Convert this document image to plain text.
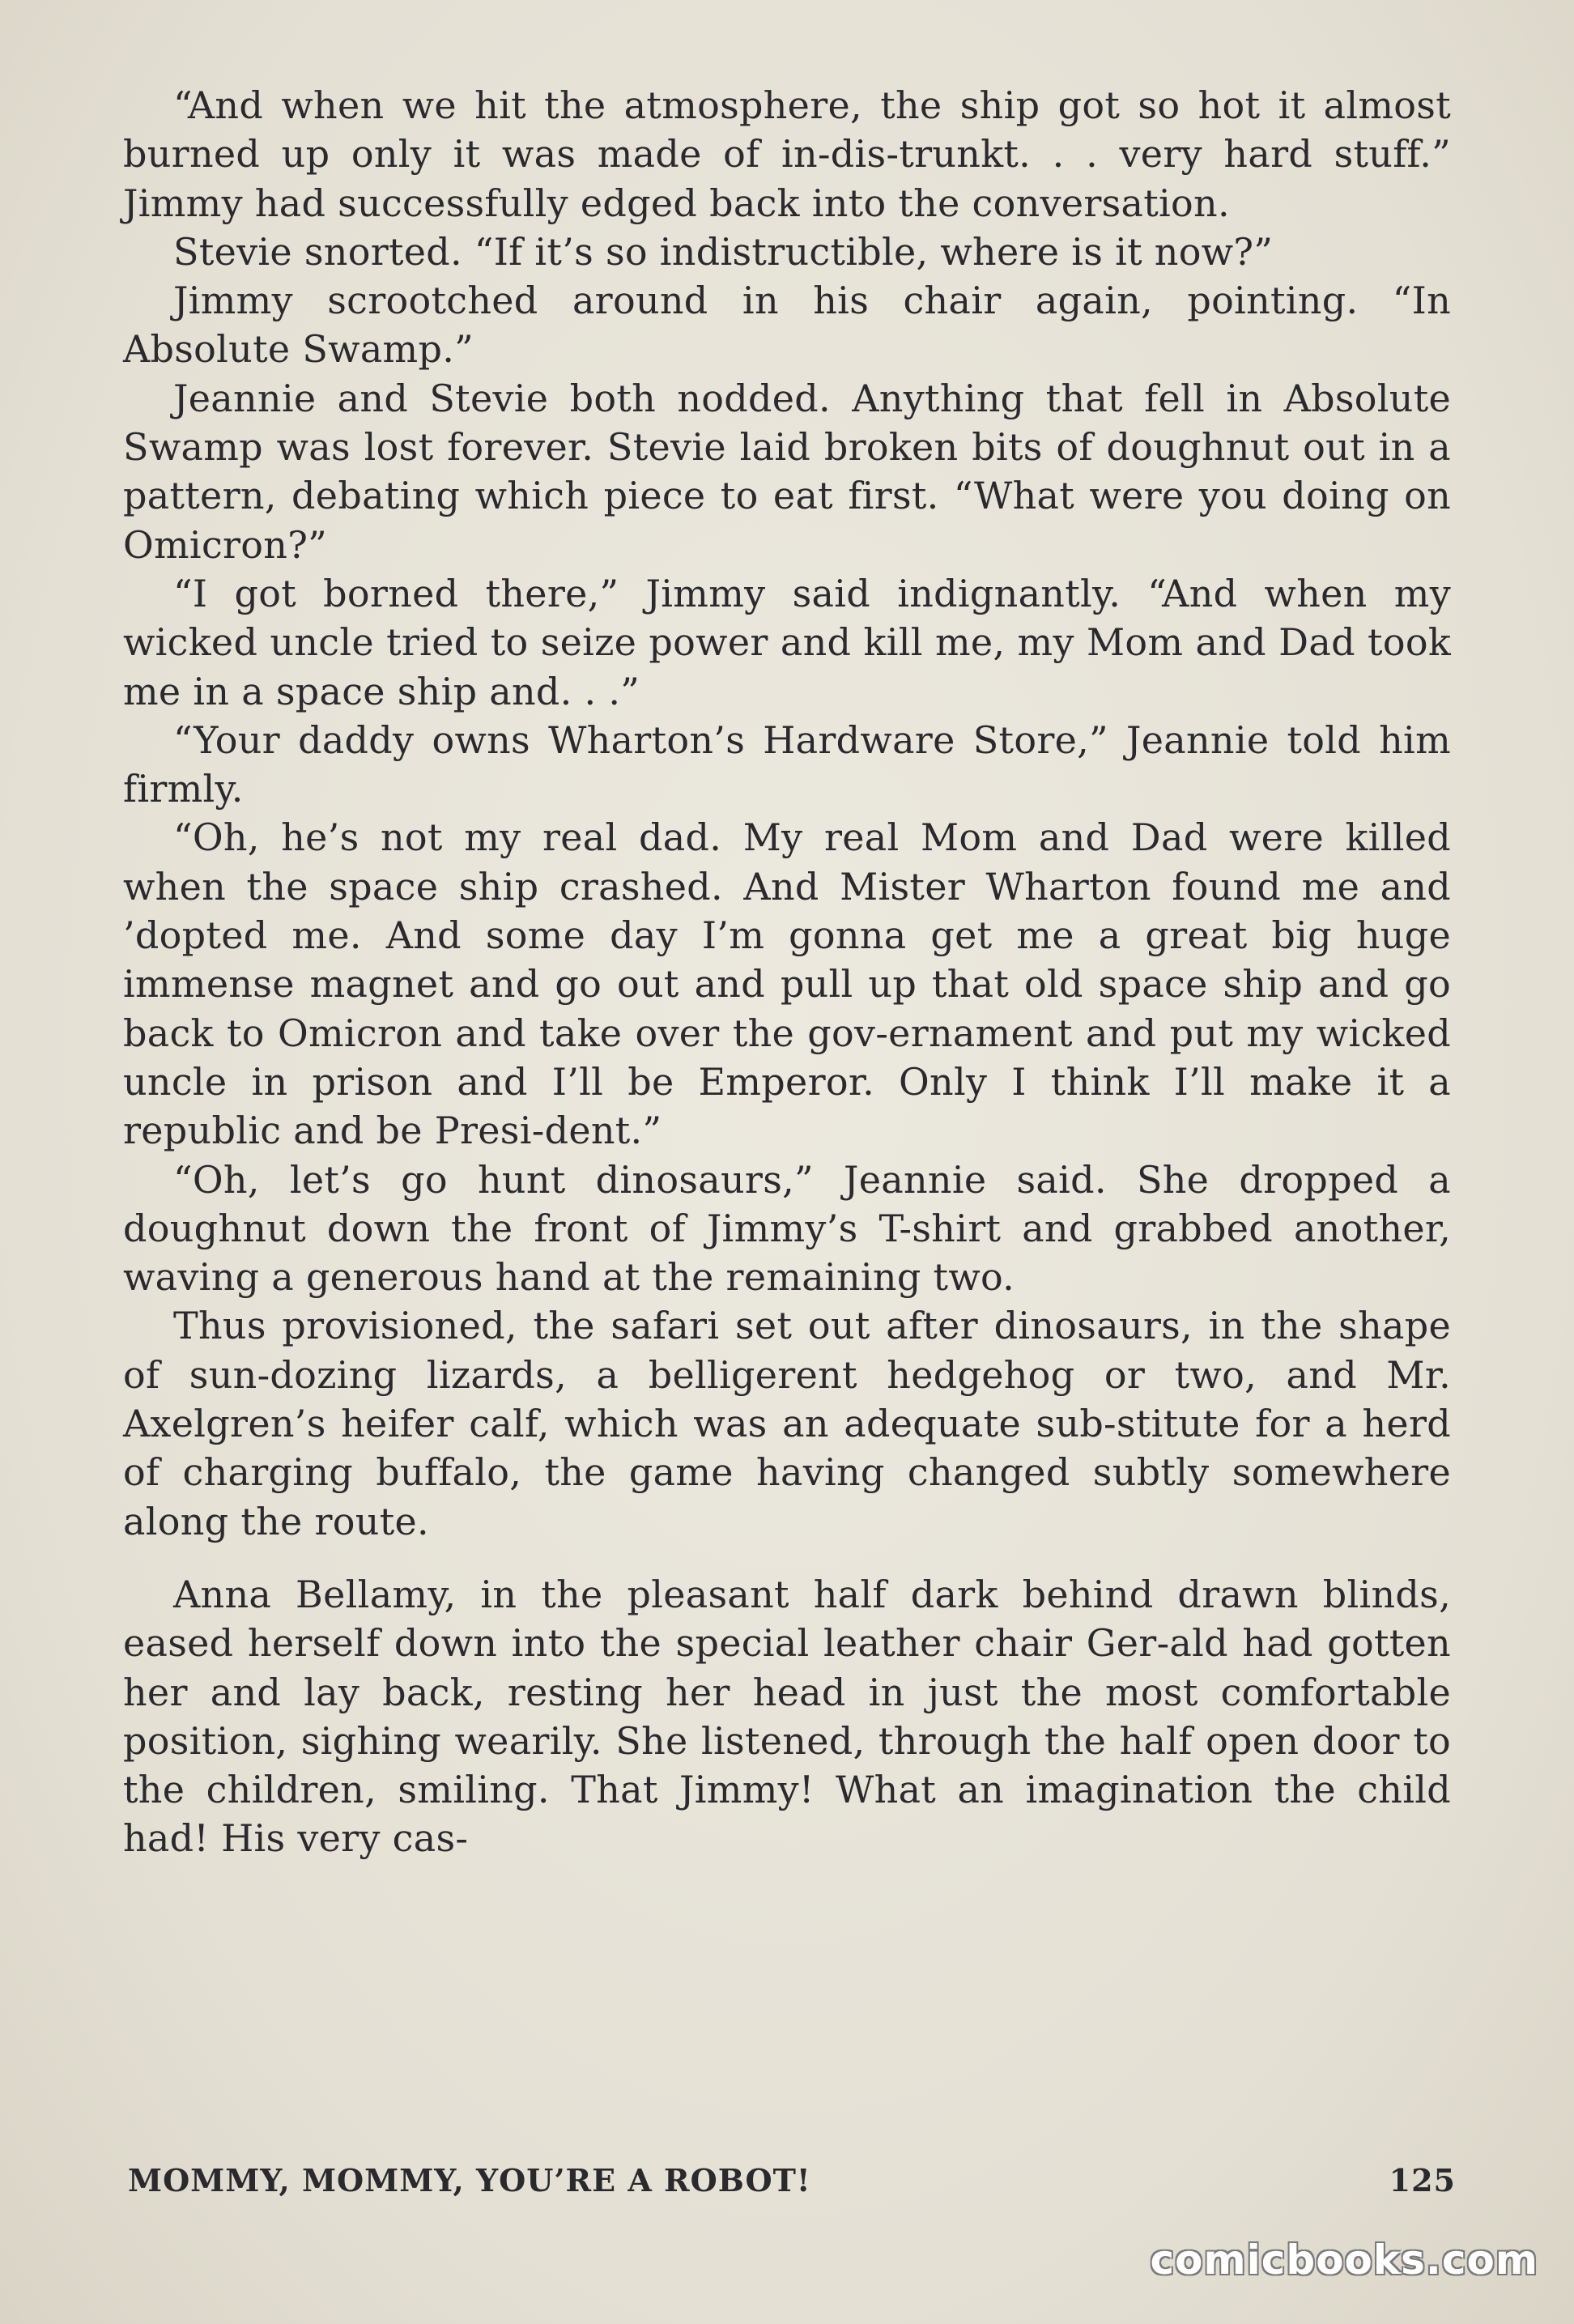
“And when we hit the atmosphere, the ship got so hot it almost burned up only it was made of in-dis-trunkt. . . very hard stuff.” Jimmy had successfully edged back into the conversation.

Stevie snorted. “If it’s so indistructible, where is it now?”

Jimmy scrootched around in his chair again, pointing. “In Absolute Swamp.”

Jeannie and Stevie both nodded. Anything that fell in Absolute Swamp was lost forever. Stevie laid broken bits of doughnut out in a pattern, debating which piece to eat first. “What were you doing on Omicron?”

“I got borned there,” Jimmy said indignantly. “And when my wicked uncle tried to seize power and kill me, my Mom and Dad took me in a space ship and. . .”

“Your daddy owns Wharton’s Hardware Store,” Jeannie told him firmly.

“Oh, he’s not my real dad. My real Mom and Dad were killed when the space ship crashed. And Mister Wharton found me and ’dopted me. And some day I’m gonna get me a great big huge immense magnet and go out and pull up that old space ship and go back to Omicron and take over the gov-ernament and put my wicked uncle in prison and I’ll be Emperor. Only I think I’ll make it a republic and be Presi-dent.”

“Oh, let’s go hunt dinosaurs,” Jeannie said. She dropped a doughnut down the front of Jimmy’s T-shirt and grabbed another, waving a generous hand at the remaining two.

Thus provisioned, the safari set out after dinosaurs, in the shape of sun-dozing lizards, a belligerent hedgehog or two, and Mr. Axelgren’s heifer calf, which was an adequate sub-stitute for a herd of charging buffalo, the game having changed subtly somewhere along the route.

Anna Bellamy, in the pleasant half dark behind drawn blinds, eased herself down into the special leather chair Ger-ald had gotten her and lay back, resting her head in just the most comfortable position, sighing wearily. She listened, through the half open door to the children, smiling. That Jimmy! What an imagination the child had! His very cas-

MOMMY, MOMMY, YOU’RE A ROBOT!	125
comicbooks.com
